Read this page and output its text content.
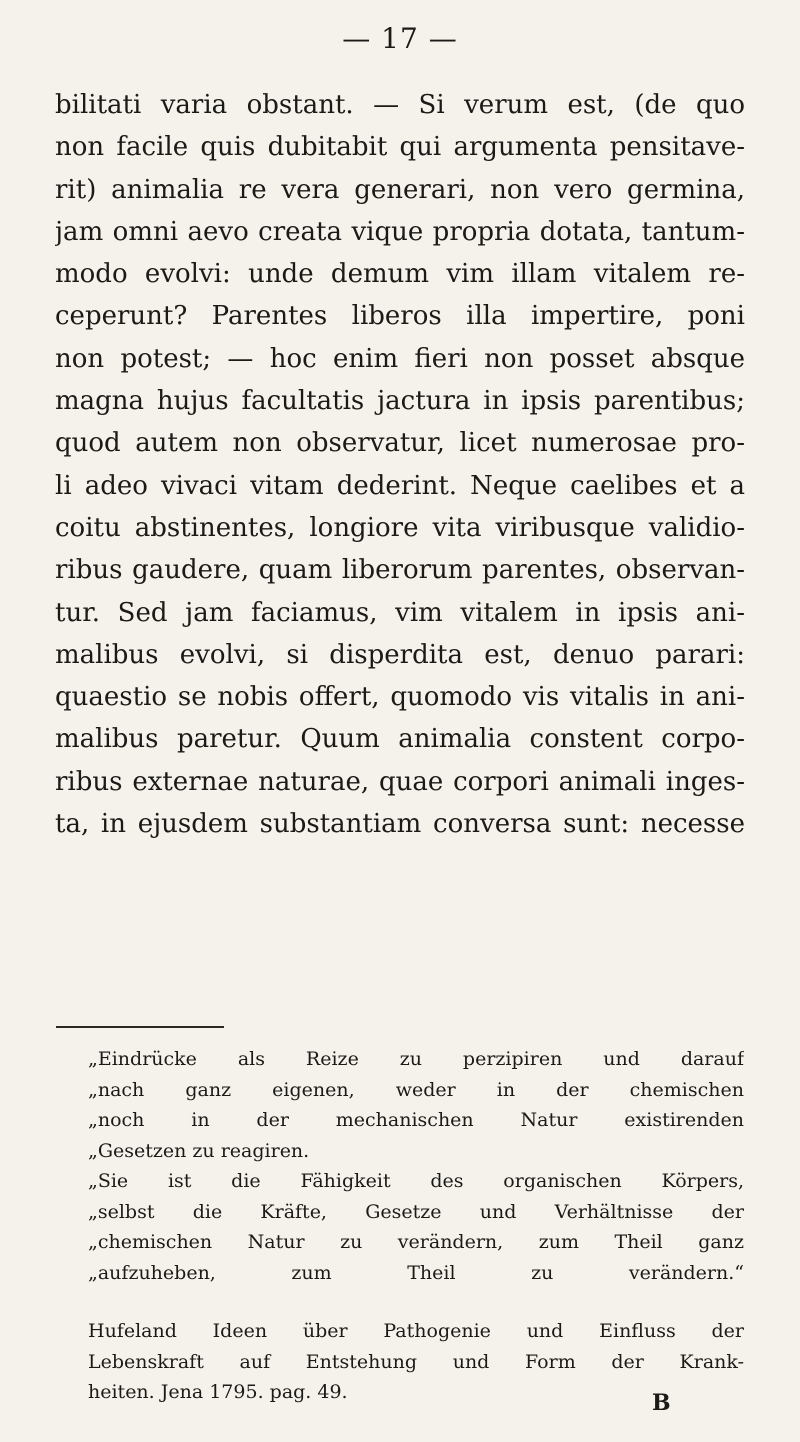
— 17 —
bilitati varia obstant. — Si verum est, (de quo
non facile quis dubitabit qui argumenta pensitave-
rit) animalia re vera generari, non vero germina,
jam omni aevo creata vique propria dotata, tantum-
modo evolvi: unde demum vim illam vitalem re-
ceperunt? Parentes liberos illa impertire, poni
non potest; — hoc enim fieri non posset absque
magna hujus facultatis jactura in ipsis parentibus;
quod autem non observatur, licet numerosae pro-
li adeo vivaci vitam dederint. Neque caelibes et a
coitu abstinentes, longiore vita viribusque validio-
ribus gaudere, quam liberorum parentes, observan-
tur. Sed jam faciamus, vim vitalem in ipsis ani-
malibus evolvi, si disperdita est, denuo parari:
quaestio se nobis offert, quomodo vis vitalis in ani-
malibus paretur. Quum animalia constent corpo-
ribus externae naturae, quae corpori animali inges-
ta, in ejusdem substantiam conversa sunt: necesse
„Eindrücke als Reize zu perzipiren und darauf
„nach ganz eigenen, weder in der chemischen
„noch in der mechanischen Natur existirenden
„Gesetzen zu reagiren.
„Sie ist die Fähigkeit des organischen Körpers,
„selbst die Kräfte, Gesetze und Verhältnisse der
„chemischen Natur zu verändern, zum Theil ganz
„aufzuheben, zum Theil zu verändern.“
Hufeland Ideen über Pathogenie und Einfluss der
Lebenskraft auf Entstehung und Form der Krank-
heiten. Jena 1795. pag. 49.	B
